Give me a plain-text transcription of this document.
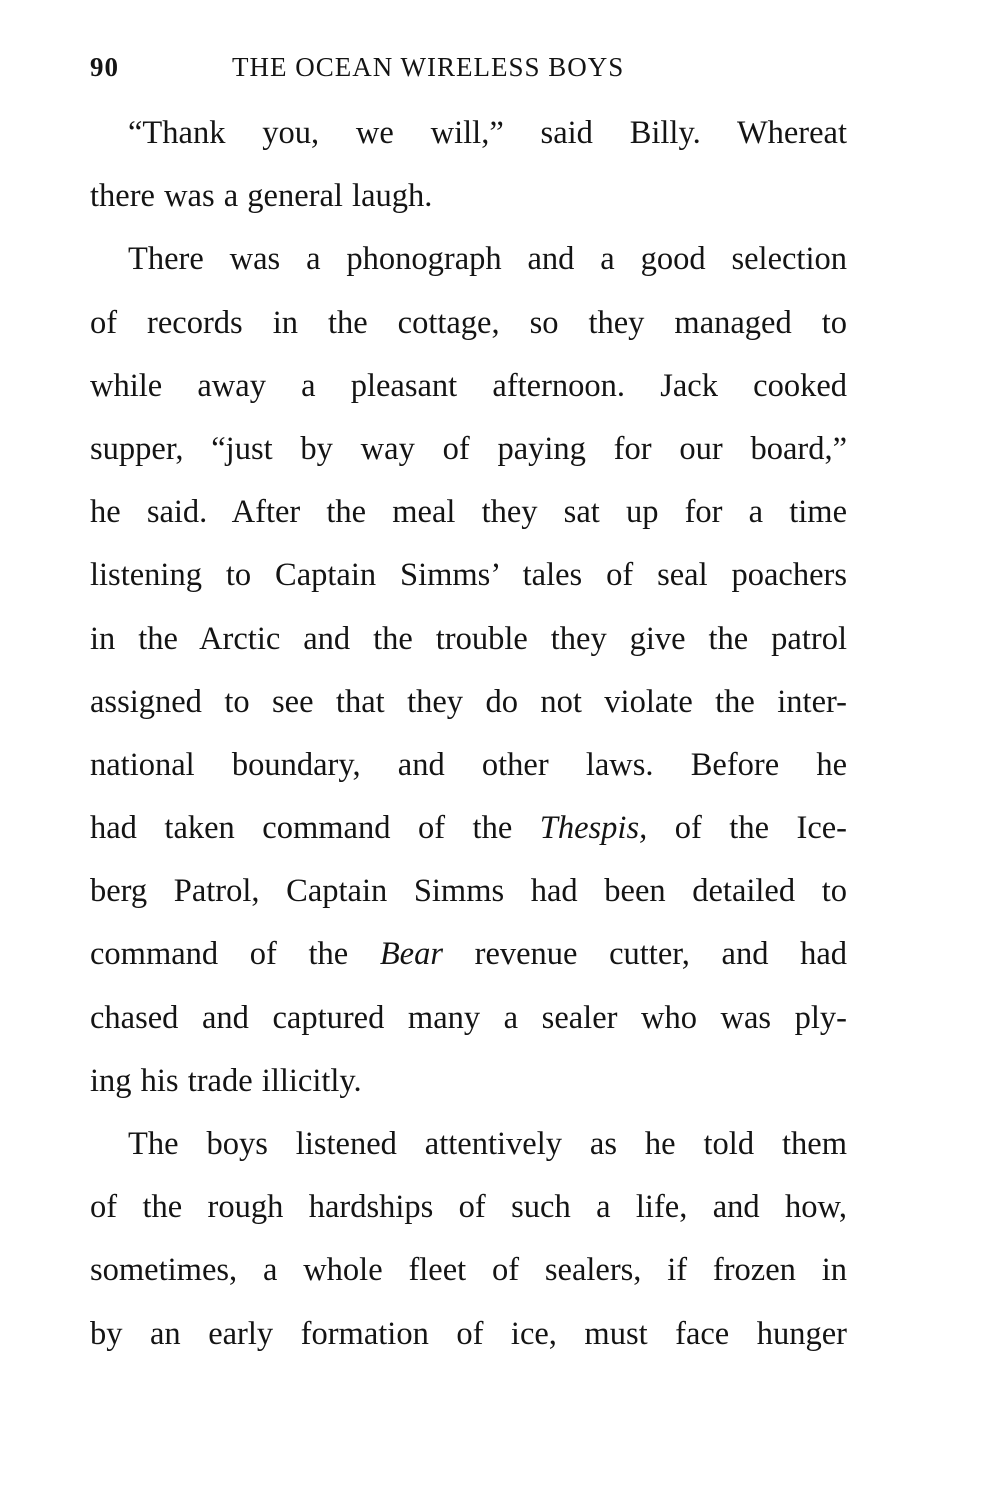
90	THE OCEAN WIRELESS BOYS
“Thank you, we will,” said Billy. Whereat
there was a general laugh.
There was a phonograph and a good selection
of records in the cottage, so they managed to
while away a pleasant afternoon. Jack cooked
supper, “just by way of paying for our board,”
he said. After the meal they sat up for a time
listening to Captain Simms’ tales of seal poachers
in the Arctic and the trouble they give the patrol
assigned to see that they do not violate the inter-
national boundary, and other laws. Before he
had taken command of the Thespis, of the Ice-
berg Patrol, Captain Simms had been detailed to
command of the Bear revenue cutter, and had
chased and captured many a sealer who was ply-
ing his trade illicitly.
The boys listened attentively as he told them
of the rough hardships of such a life, and how,
sometimes, a whole fleet of sealers, if frozen in
by an early formation of ice, must face hunger
